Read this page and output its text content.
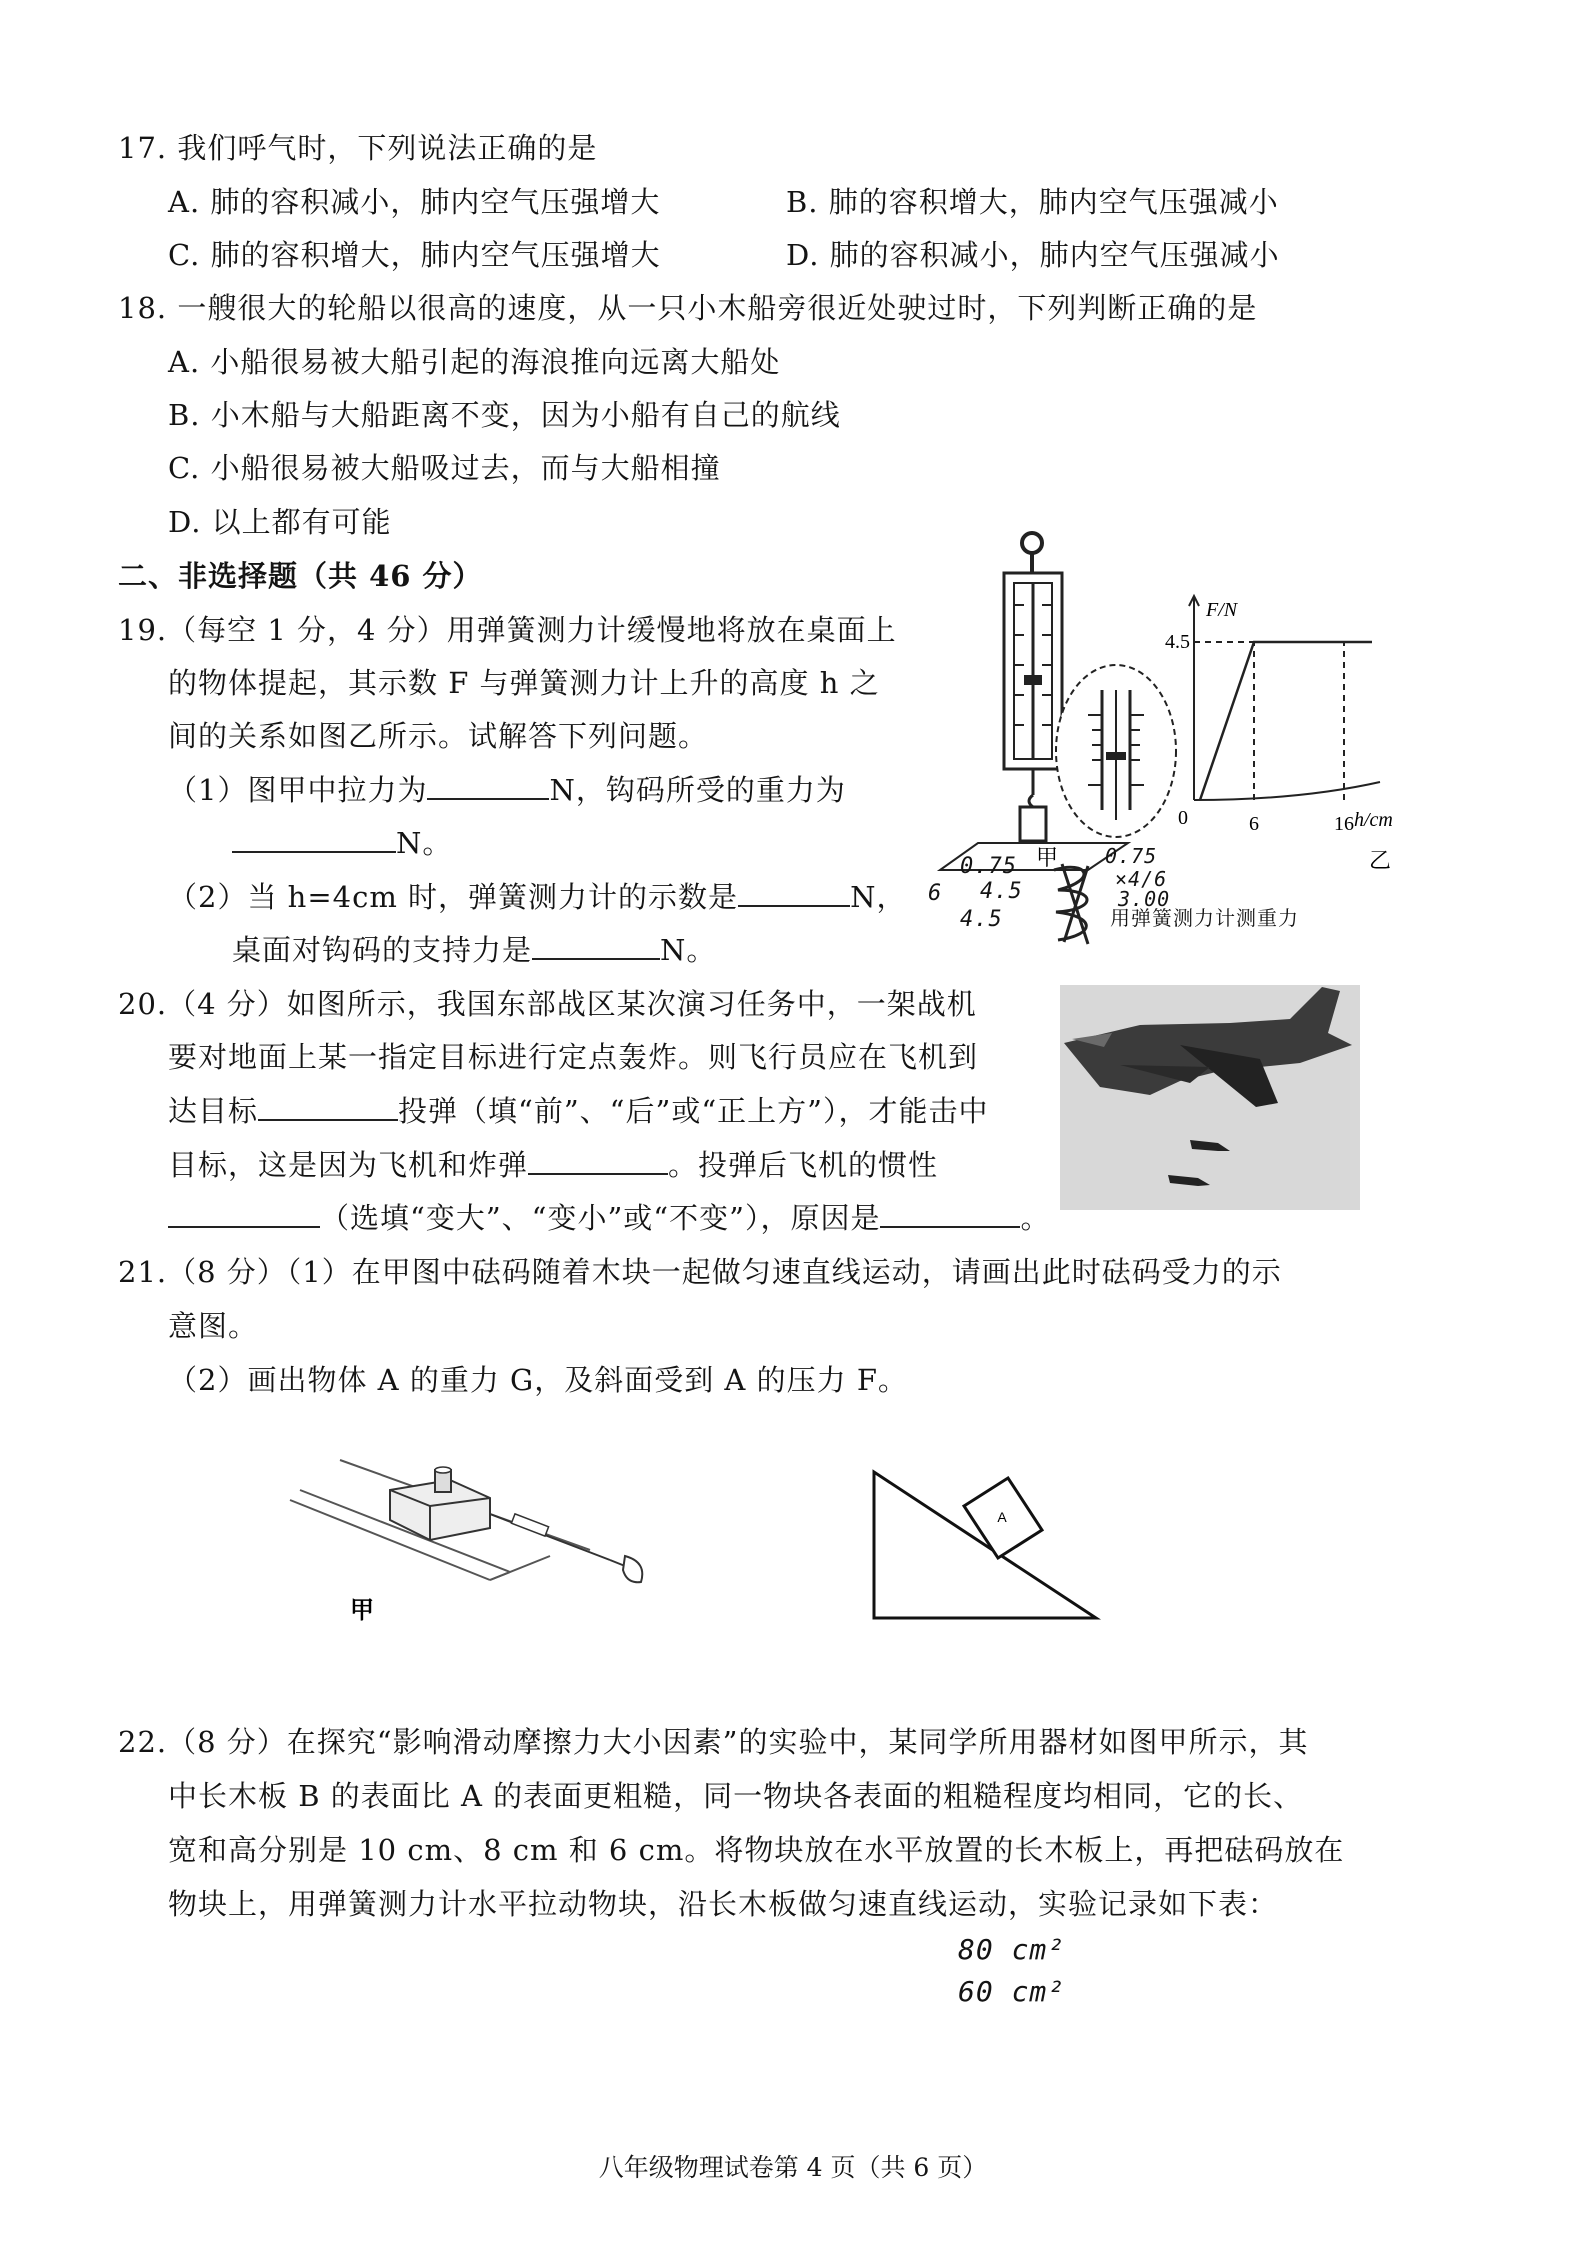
17. 我们呼气时，下列说法正确的是
A. 肺的容积减小，肺内空气压强增大	B. 肺的容积增大，肺内空气压强减小
C. 肺的容积增大，肺内空气压强增大	D. 肺的容积减小，肺内空气压强减小
18. 一艘很大的轮船以很高的速度，从一只小木船旁很近处驶过时，下列判断正确的是
A. 小船很易被大船引起的海浪推向远离大船处
B. 小木船与大船距离不变，因为小船有自己的航线
C. 小船很易被大船吸过去，而与大船相撞
D. 以上都有可能
二、非选择题（共 46 分）
19.（每空 1 分，4 分）用弹簧测力计缓慢地将放在桌面上
的物体提起，其示数 F 与弹簧测力计上升的高度 h 之
间的关系如图乙所示。试解答下列问题。
（1）图甲中拉力为	N，钩码所受的重力为
N。
（2）当 h=4cm 时，弹簧测力计的示数是	N，
桌面对钩码的支持力是	N。
甲
F/N
h/cm
0	6	16
4.5
乙
0.75
4.5
6
4.5
0.75
×4/6
3.00
用弹簧测力计测重力
20.（4 分）如图所示，我国东部战区某次演习任务中，一架战机
要对地面上某一指定目标进行定点轰炸。则飞行员应在飞机到
达目标	投弹（填“前”、“后”或“正上方”），才能击中
目标，这是因为飞机和炸弹	。投弹后飞机的惯性
（选填“变大”、“变小”或“不变”），原因是	。
21.（8 分）（1）在甲图中砝码随着木块一起做匀速直线运动，请画出此时砝码受力的示
意图。
（2）画出物体 A 的重力 G，及斜面受到 A 的压力 F。
甲
A
22.（8 分）在探究“影响滑动摩擦力大小因素”的实验中，某同学所用器材如图甲所示，其
中长木板 B 的表面比 A 的表面更粗糙，同一物块各表面的粗糙程度均相同，它的长、
宽和高分别是 10 cm、8 cm 和 6 cm。将物块放在水平放置的长木板上，再把砝码放在
物块上，用弹簧测力计水平拉动物块，沿长木板做匀速直线运动，实验记录如下表：
80 cm²
60 cm²
八年级物理试卷第 4 页（共 6 页）
